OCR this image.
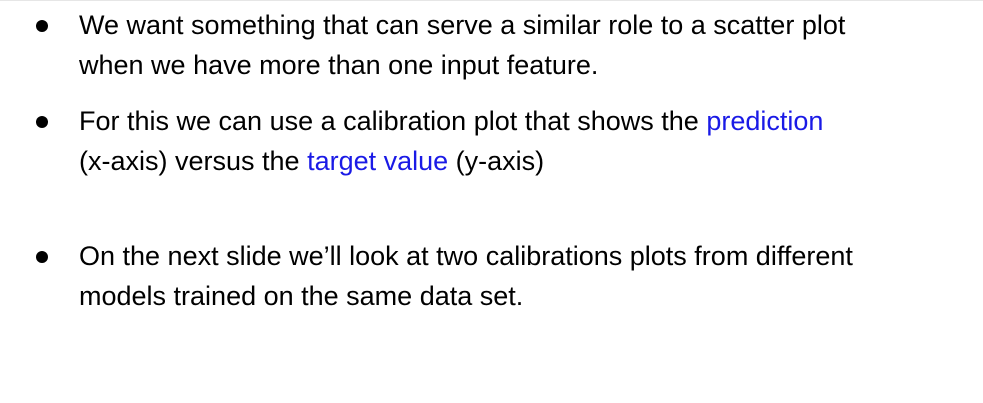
We want something that can serve a similar role to a scatter plot
when we have more than one input feature.
For this we can use a calibration plot that shows the prediction
(x-axis) versus the target value (y-axis)
On the next slide we’ll look at two calibrations plots from different
models trained on the same data set.
